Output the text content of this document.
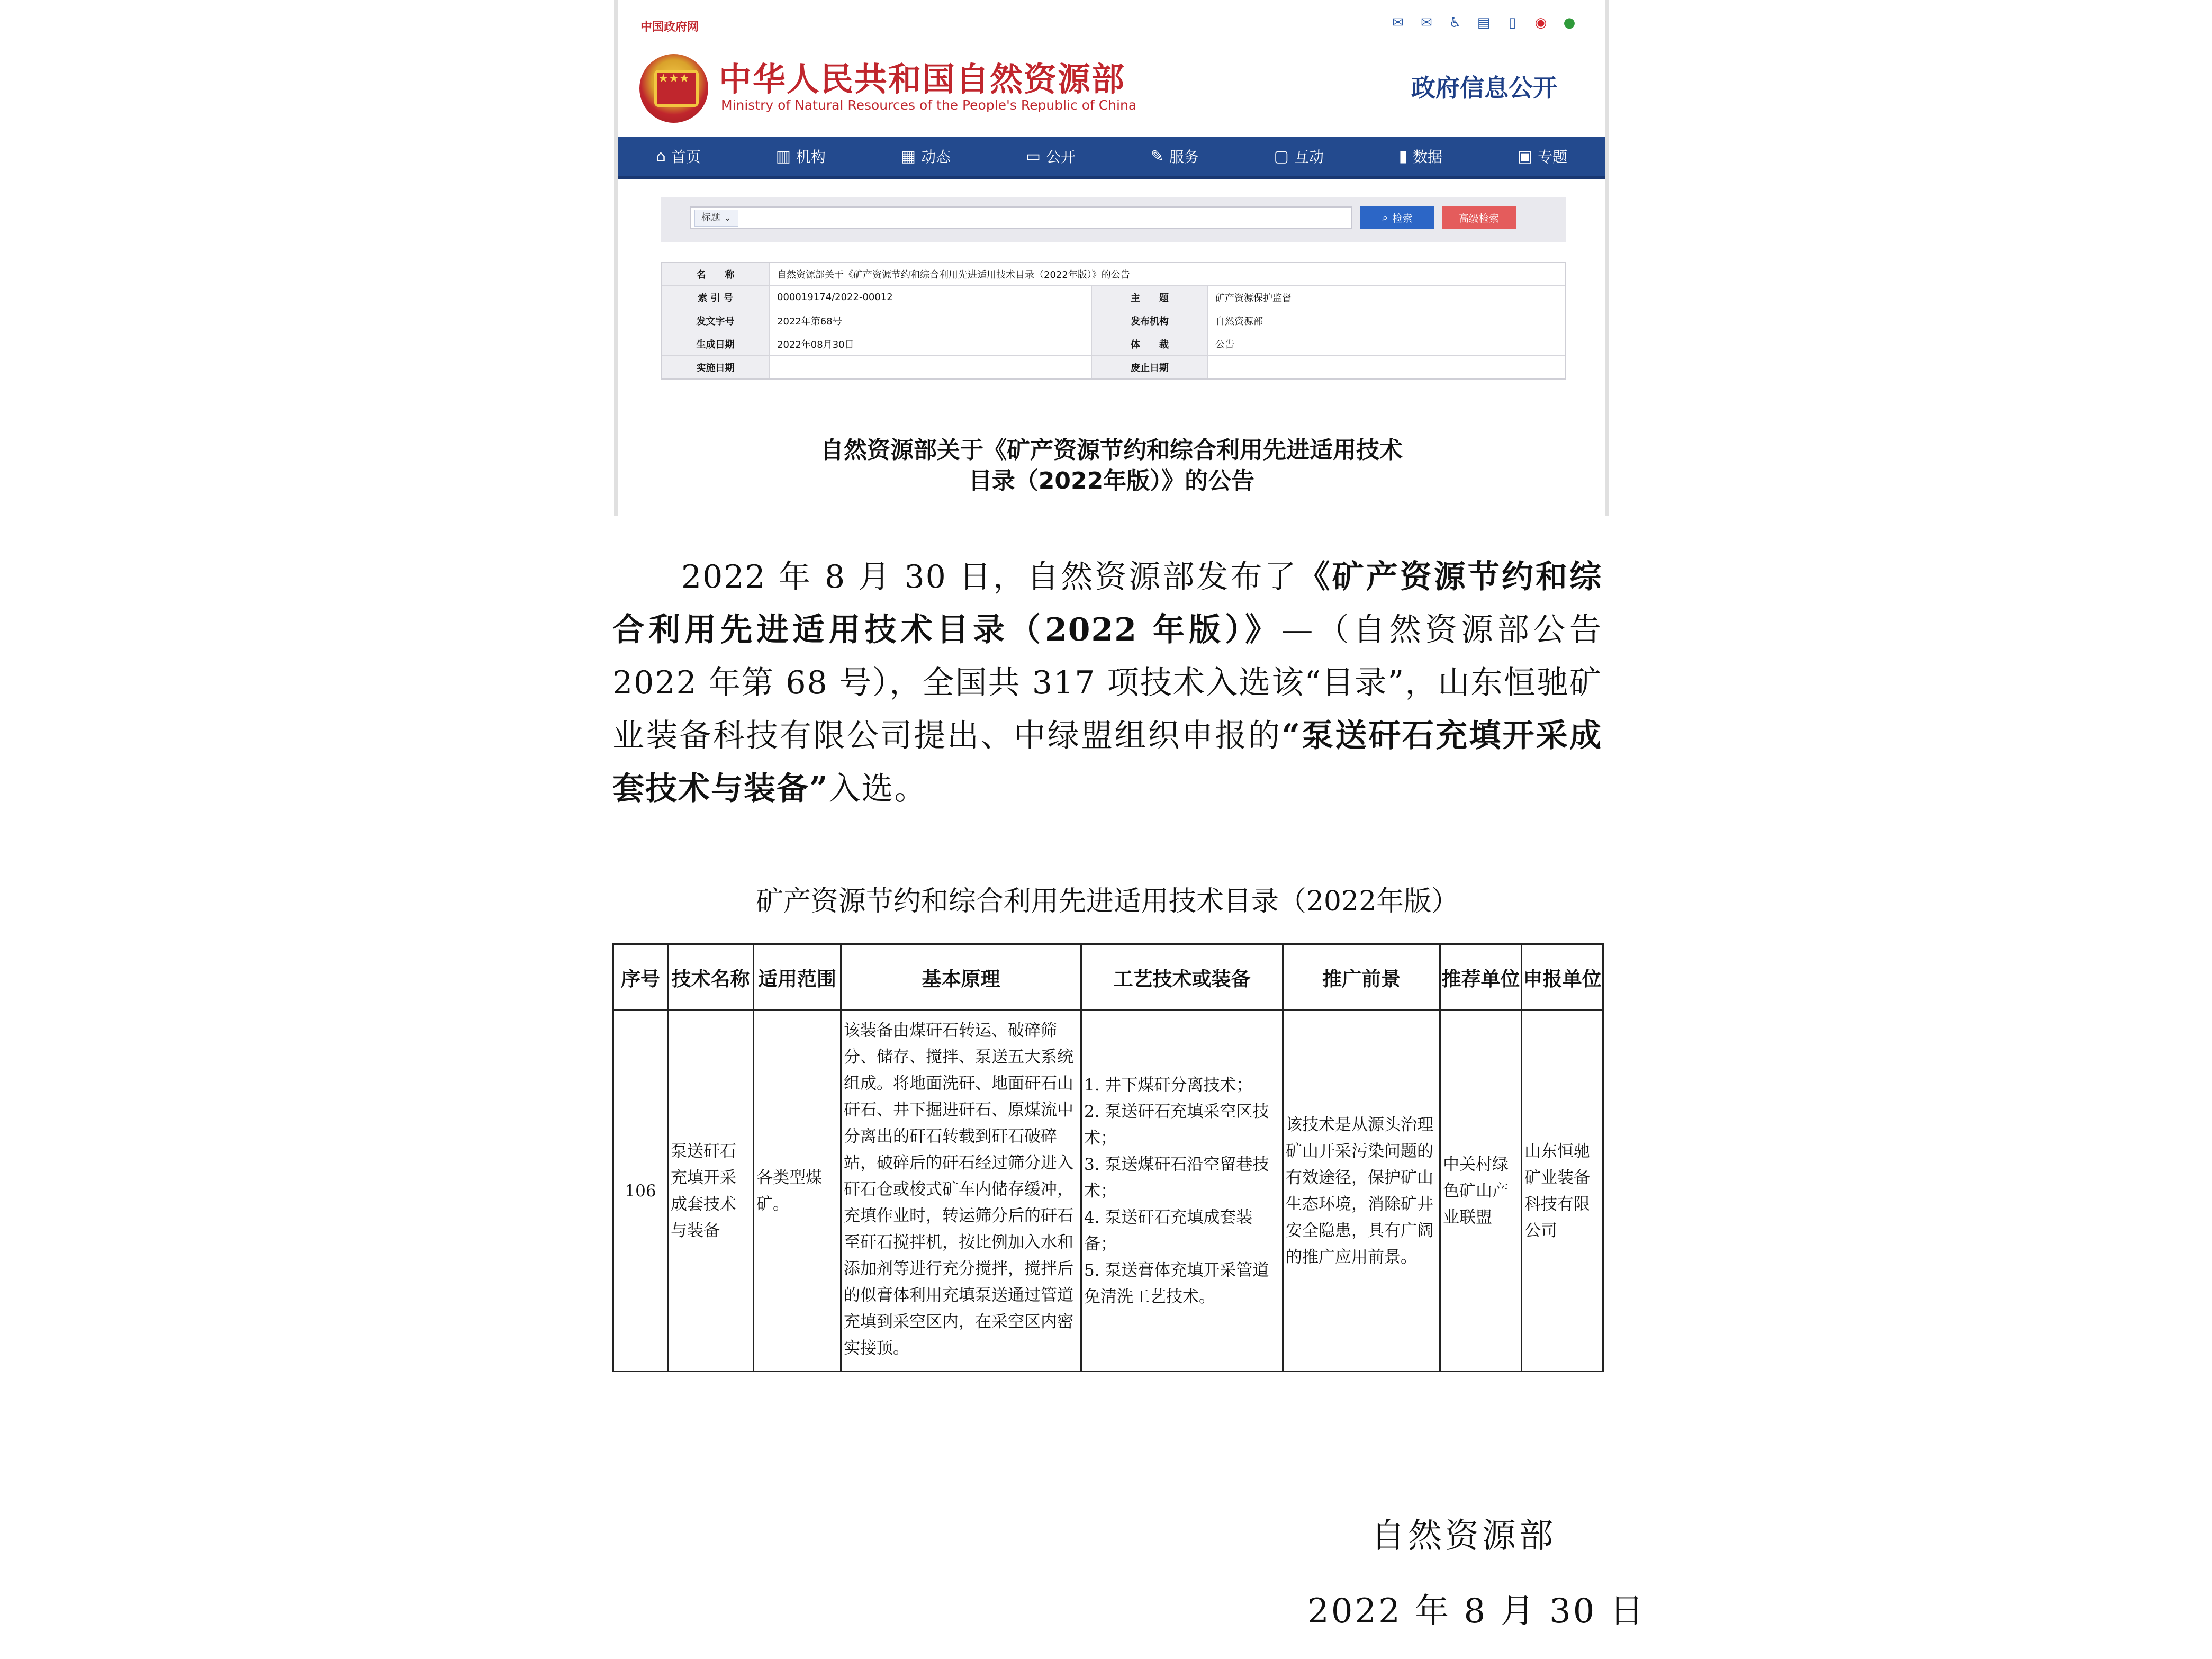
中国政府网	✉ ✉ ♿ ▤	▯	◉ ●
★★★ 中华人民共和国自然资源部
Ministry of Natural Resources of the People's Republic of China
政府信息公开
⌂ 首页	▥ 机构	▦ 动态	▭ 公开	✎ 服务	▢ 互动	▮ 数据	▣ 专题
标题 ⌄	⌕ 检索	高级检索
名　　称	自然资源部关于《矿产资源节约和综合利用先进适用技术目录（2022年版）》的公告		
索 引 号	000019174/2022-00012	主　　题	矿产资源保护监督
发文字号	2022年第68号	发布机构	自然资源部
生成日期	2022年08月30日	体　　裁	公告
实施日期		废止日期	
自然资源部关于《矿产资源节约和综合利用先进适用技术
目录（2022年版）》的公告
2022 年 8 月 30 日，自然资源部发布了《矿产资源节约和综合利用先进适用技术目录（2022 年版）》—（自然资源部公告 2022 年第 68 号），全国共 317 项技术入选该“目录”，山东恒驰矿业装备科技有限公司提出、中绿盟组织申报的“泵送矸石充填开采成套技术与装备”入选。
矿产资源节约和综合利用先进适用技术目录（2022年版）
序号	技术名称	适用范围	基本原理	工艺技术或装备	推广前景	推荐单位	申报单位
106	泵送矸石充填开采成套技术与装备	各类型煤矿。	该装备由煤矸石转运、破碎筛分、储存、搅拌、泵送五大系统组成。将地面洗矸、地面矸石山矸石、井下掘进矸石、原煤流中分离出的矸石转载到矸石破碎站，破碎后的矸石经过筛分进入矸石仓或梭式矿车内储存缓冲，充填作业时，转运筛分后的矸石至矸石搅拌机，按比例加入水和添加剂等进行充分搅拌，搅拌后的似膏体利用充填泵送通过管道充填到采空区内，在采空区内密实接顶。	1. 井下煤矸分离技术；
2. 泵送矸石充填采空区技术；
3. 泵送煤矸石沿空留巷技术；
4. 泵送矸石充填成套装备；
5. 泵送膏体充填开采管道免清洗工艺技术。	该技术是从源头治理矿山开采污染问题的有效途径，保护矿山生态环境，消除矿井安全隐患，具有广阔的推广应用前景。	中关村绿色矿山产业联盟	山东恒驰矿业装备科技有限公司
自然资源部
2022 年 8 月 30 日
